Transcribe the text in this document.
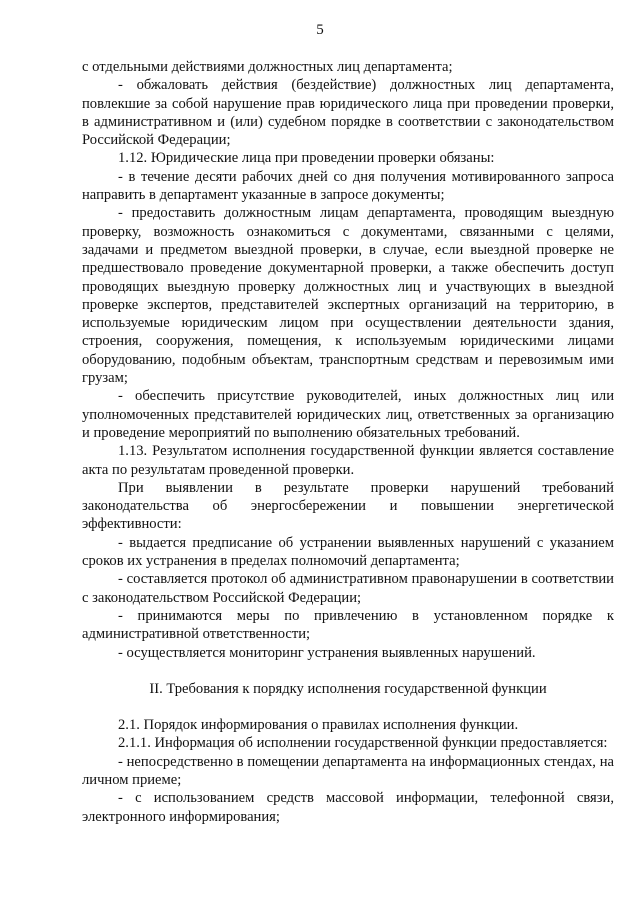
5

с отдельными действиями должностных лиц департамента;

- обжаловать действия (бездействие) должностных лиц департамента, повлекшие за собой нарушение прав юридического лица при проведении проверки, в административном и (или) судебном порядке в соответствии с законодательством Российской Федерации;

1.12. Юридические лица при проведении проверки обязаны:

- в течение десяти рабочих дней со дня получения мотивированного запроса направить в департамент указанные в запросе документы;

- предоставить должностным лицам департамента, проводящим выездную проверку, возможность ознакомиться с документами, связанными с целями, задачами и предметом выездной проверки, в случае, если выездной проверке не предшествовало проведение документарной проверки, а также обеспечить доступ проводящих выездную проверку должностных лиц и участвующих в выездной проверке экспертов, представителей экспертных организаций на территорию, в используемые юридическим лицом при осуществлении деятельности здания, строения, сооружения, помещения, к используемым юридическими лицами оборудованию, подобным объектам, транспортным средствам и перевозимым ими грузам;

- обеспечить присутствие руководителей, иных должностных лиц или уполномоченных представителей юридических лиц, ответственных за организацию и проведение мероприятий по выполнению обязательных требований.

1.13. Результатом исполнения государственной функции является составление акта по результатам проведенной проверки.

При выявлении в результате проверки нарушений требований законодательства об энергосбережении и повышении энергетической эффективности:

- выдается предписание об устранении выявленных нарушений с указанием сроков их устранения в пределах полномочий департамента;

- составляется протокол об административном правонарушении в соответствии с законодательством Российской Федерации;

- принимаются меры по привлечению в установленном порядке к административной ответственности;

- осуществляется мониторинг устранения выявленных нарушений.

II. Требования к порядку исполнения государственной функции

2.1. Порядок информирования о правилах исполнения функции.

2.1.1. Информация об исполнении государственной функции предоставляется:

- непосредственно в помещении департамента на информационных стендах, на личном приеме;

- с использованием средств массовой информации, телефонной связи, электронного информирования;
